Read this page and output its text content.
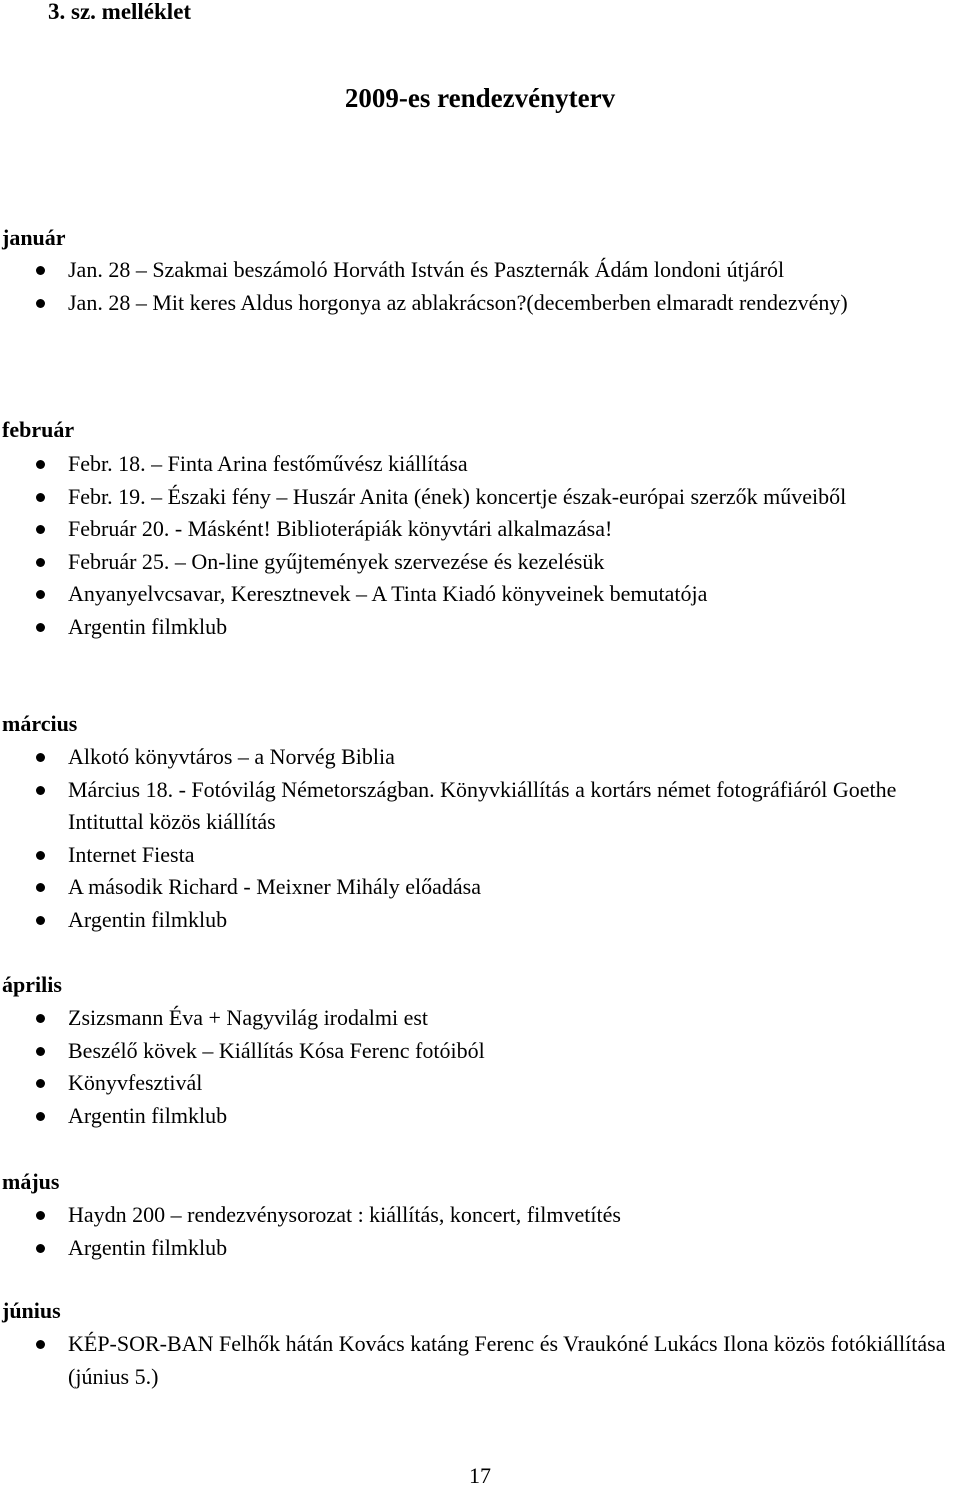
3. sz. melléklet
2009-es rendezvényterv
január
Jan. 28 – Szakmai beszámoló Horváth István és Paszternák Ádám londoni útjáról
Jan. 28 – Mit keres Aldus horgonya az ablakrácson?(decemberben elmaradt rendezvény)
február
Febr. 18. – Finta Arina festőművész kiállítása
Febr. 19. – Északi fény – Huszár Anita (ének) koncertje észak-európai szerzők műveiből
Február 20. - Másként! Biblioterápiák könyvtári alkalmazása!
Február 25. – On-line gyűjtemények szervezése és kezelésük
Anyanyelvcsavar, Keresztnevek – A Tinta Kiadó könyveinek bemutatója
Argentin filmklub
március
Alkotó könyvtáros – a Norvég Biblia
Március 18. - Fotóvilág Németországban. Könyvkiállítás a kortárs német fotográfiáról Goethe Intituttal közös kiállítás
Internet Fiesta
A második Richard - Meixner Mihály előadása
Argentin filmklub
április
Zsizsmann Éva + Nagyvilág irodalmi est
Beszélő kövek – Kiállítás Kósa Ferenc fotóiból
Könyvfesztivál
Argentin filmklub
május
Haydn 200 – rendezvénysorozat : kiállítás, koncert, filmvetítés
Argentin filmklub
június
KÉP-SOR-BAN Felhők hátán Kovács katáng Ferenc és Vraukóné Lukács Ilona közös fotókiállítása (június 5.)
17
